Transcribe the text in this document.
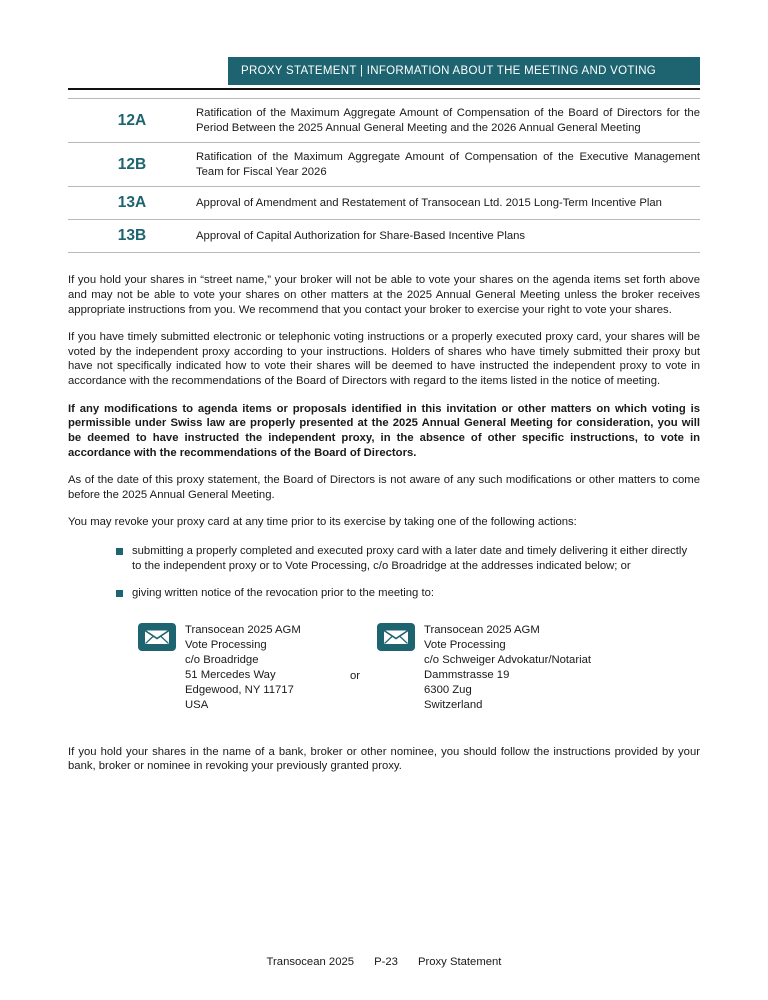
PROXY STATEMENT | INFORMATION ABOUT THE MEETING AND VOTING
12A	Ratification of the Maximum Aggregate Amount of Compensation of the Board of Directors for the Period Between the 2025 Annual General Meeting and the 2026 Annual General Meeting
12B	Ratification of the Maximum Aggregate Amount of Compensation of the Executive Management Team for Fiscal Year 2026
13A	Approval of Amendment and Restatement of Transocean Ltd. 2015 Long-Term Incentive Plan
13B	Approval of Capital Authorization for Share-Based Incentive Plans

If you hold your shares in “street name,” your broker will not be able to vote your shares on the agenda items set forth above and may not be able to vote your shares on other matters at the 2025 Annual General Meeting unless the broker receives appropriate instructions from you. We recommend that you contact your broker to exercise your right to vote your shares.

If you have timely submitted electronic or telephonic voting instructions or a properly executed proxy card, your shares will be voted by the independent proxy according to your instructions. Holders of shares who have timely submitted their proxy but have not specifically indicated how to vote their shares will be deemed to have instructed the independent proxy to vote in accordance with the recommendations of the Board of Directors with regard to the items listed in the notice of meeting.

If any modifications to agenda items or proposals identified in this invitation or other matters on which voting is permissible under Swiss law are properly presented at the 2025 Annual General Meeting for consideration, you will be deemed to have instructed the independent proxy, in the absence of other specific instructions, to vote in accordance with the recommendations of the Board of Directors.

As of the date of this proxy statement, the Board of Directors is not aware of any such modifications or other matters to come before the 2025 Annual General Meeting.

You may revoke your proxy card at any time prior to its exercise by taking one of the following actions:

submitting a properly completed and executed proxy card with a later date and timely delivering it either directly to the independent proxy or to Vote Processing, c/o Broadridge at the addresses indicated below; or
giving written notice of the revocation prior to the meeting to:
Transocean 2025 AGM
Vote Processing
c/o Broadridge
51 Mercedes Way
Edgewood, NY 11717
USA
or
Transocean 2025 AGM
Vote Processing
c/o Schweiger Advokatur/Notariat
Dammstrasse 19
6300 Zug
Switzerland

If you hold your shares in the name of a bank, broker or other nominee, you should follow the instructions provided by your bank, broker or nominee in revoking your previously granted proxy.

Transocean 2025 P-23 Proxy Statement
